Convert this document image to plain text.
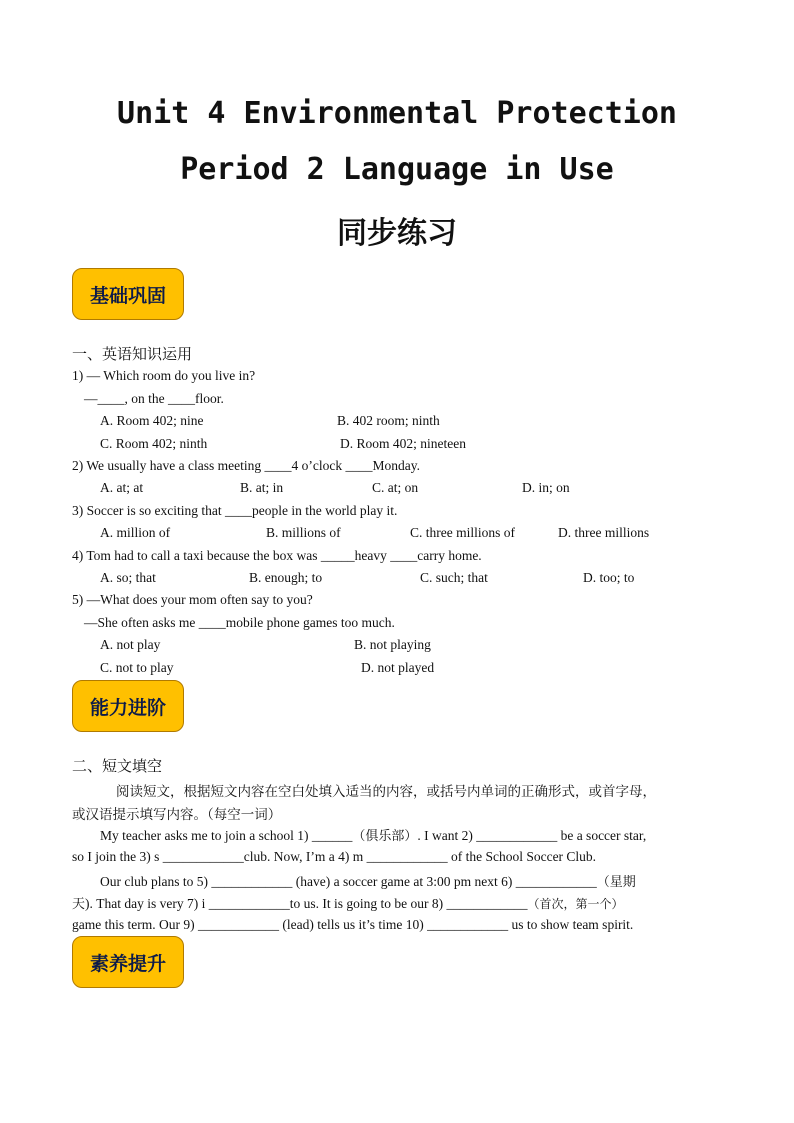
Unit 4 Environmental Protection
Period 2 Language in Use
同步练习
基础巩固
一、英语知识运用
1) — Which room do you live in?
—____, on the ____floor.
A. Room 402; nine	B. 402 room; ninth
C. Room 402; ninth	D. Room 402; nineteen
2) We usually have a class meeting ____4 o’clock ____Monday.
A. at; at	B. at; in	C. at; on	D. in; on
3) Soccer is so exciting that ____people in the world play it.
A. million of	B. millions of	C. three millions of	D. three millions
4) Tom had to call a taxi because the box was _____heavy ____carry home.
A. so; that	B. enough; to	C. such; that	D. too; to
5) —What does your mom often say to you?
—She often asks me ____mobile phone games too much.
A. not play	B. not playing
C. not to play	D. not played
能力进阶
二、短文填空
阅读短文，根据短文内容在空白处填入适当的内容，或括号内单词的正确形式，或首字母，
或汉语提示填写内容。（每空一词）
My teacher asks me to join a school 1) ______（俱乐部）. I want 2) ____________ be a soccer star,
so I join the 3) s ____________club. Now, I’m a 4) m ____________ of the School Soccer Club.
Our club plans to 5) ____________ (have) a soccer game at 3:00 pm next 6) ____________（星期
天). That day is very 7) i ____________to us. It is going to be our 8) ____________（首次，第一个）
game this term. Our 9) ____________ (lead) tells us it’s time 10) ____________ us to show team spirit.
素养提升
